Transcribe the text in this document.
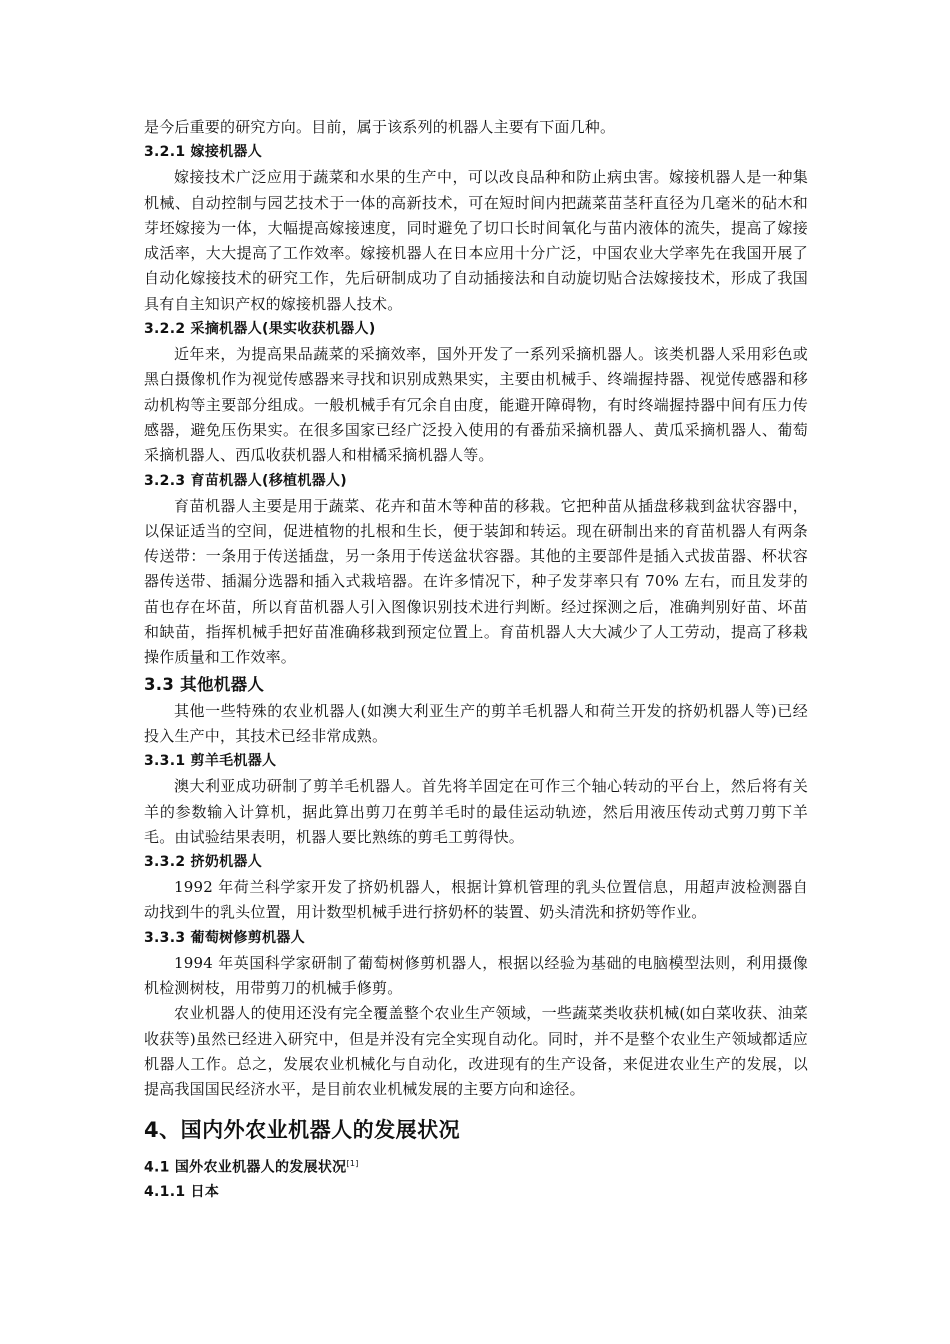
是今后重要的研究方向。目前，属于该系列的机器人主要有下面几种。

3.2.1 嫁接机器人

嫁接技术广泛应用于蔬菜和水果的生产中，可以改良品种和防止病虫害。嫁接机器人是一种集机械、自动控制与园艺技术于一体的高新技术，可在短时间内把蔬菜苗茎秆直径为几毫米的砧木和芽坯嫁接为一体，大幅提高嫁接速度，同时避免了切口长时间氧化与苗内液体的流失，提高了嫁接成活率，大大提高了工作效率。嫁接机器人在日本应用十分广泛，中国农业大学率先在我国开展了自动化嫁接技术的研究工作，先后研制成功了自动插接法和自动旋切贴合法嫁接技术，形成了我国具有自主知识产权的嫁接机器人技术。

3.2.2 采摘机器人(果实收获机器人)

近年来，为提高果品蔬菜的采摘效率，国外开发了一系列采摘机器人。该类机器人采用彩色或黑白摄像机作为视觉传感器来寻找和识别成熟果实，主要由机械手、终端握持器、视觉传感器和移动机构等主要部分组成。一般机械手有冗余自由度，能避开障碍物，有时终端握持器中间有压力传感器，避免压伤果实。在很多国家已经广泛投入使用的有番茄采摘机器人、黄瓜采摘机器人、葡萄采摘机器人、西瓜收获机器人和柑橘采摘机器人等。

3.2.3 育苗机器人(移植机器人)

育苗机器人主要是用于蔬菜、花卉和苗木等种苗的移栽。它把种苗从插盘移栽到盆状容器中，以保证适当的空间，促进植物的扎根和生长，便于装卸和转运。现在研制出来的育苗机器人有两条传送带：一条用于传送插盘，另一条用于传送盆状容器。其他的主要部件是插入式拔苗器、杯状容器传送带、插漏分选器和插入式栽培器。在许多情况下，种子发芽率只有 70% 左右，而且发芽的苗也存在坏苗，所以育苗机器人引入图像识别技术进行判断。经过探测之后，准确判别好苗、坏苗和缺苗，指挥机械手把好苗准确移栽到预定位置上。育苗机器人大大减少了人工劳动，提高了移栽操作质量和工作效率。

3.3 其他机器人

其他一些特殊的农业机器人(如澳大利亚生产的剪羊毛机器人和荷兰开发的挤奶机器人等)已经投入生产中，其技术已经非常成熟。

3.3.1 剪羊毛机器人

澳大利亚成功研制了剪羊毛机器人。首先将羊固定在可作三个轴心转动的平台上，然后将有关羊的参数输入计算机，据此算出剪刀在剪羊毛时的最佳运动轨迹，然后用液压传动式剪刀剪下羊毛。由试验结果表明，机器人要比熟练的剪毛工剪得快。

3.3.2 挤奶机器人

1992 年荷兰科学家开发了挤奶机器人，根据计算机管理的乳头位置信息，用超声波检测器自动找到牛的乳头位置，用计数型机械手进行挤奶杯的装置、奶头清洗和挤奶等作业。

3.3.3 葡萄树修剪机器人

1994 年英国科学家研制了葡萄树修剪机器人，根据以经验为基础的电脑模型法则，利用摄像机检测树枝，用带剪刀的机械手修剪。

农业机器人的使用还没有完全覆盖整个农业生产领域，一些蔬菜类收获机械(如白菜收获、油菜收获等)虽然已经进入研究中，但是并没有完全实现自动化。同时，并不是整个农业生产领域都适应机器人工作。总之，发展农业机械化与自动化，改进现有的生产设备，来促进农业生产的发展，以提高我国国民经济水平，是目前农业机械发展的主要方向和途径。

4、国内外农业机器人的发展状况

4.1 国外农业机器人的发展状况[1]

4.1.1 日本
